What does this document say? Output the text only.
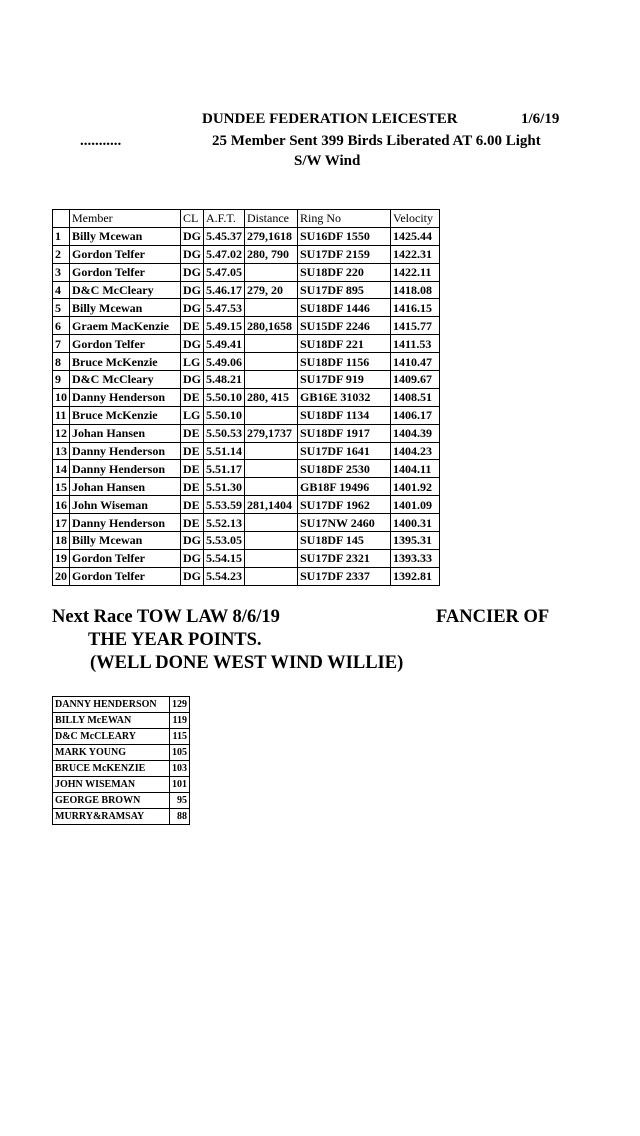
DUNDEE FEDERATION LEICESTER	1/6/19
...........	25 Member Sent 399 Birds Liberated AT 6.00 Light
S/W Wind
	Member	CL	A.F.T.	Distance	Ring No	Velocity
1	Billy Mcewan	DG	5.45.37	279,1618	SU16DF 1550	1425.44
2	Gordon Telfer	DG	5.47.02	280, 790	SU17DF 2159	1422.31
3	Gordon Telfer	DG	5.47.05		SU18DF 220	1422.11
4	D&C McCleary	DG	5.46.17	279, 20	SU17DF 895	1418.08
5	Billy Mcewan	DG	5.47.53		SU18DF 1446	1416.15
6	Graem MacKenzie	DE	5.49.15	280,1658	SU15DF 2246	1415.77
7	Gordon Telfer	DG	5.49.41		SU18DF 221	1411.53
8	Bruce McKenzie	LG	5.49.06		SU18DF 1156	1410.47
9	D&C McCleary	DG	5.48.21		SU17DF 919	1409.67
10	Danny Henderson	DE	5.50.10	280, 415	GB16E 31032	1408.51
11	Bruce McKenzie	LG	5.50.10		SU18DF 1134	1406.17
12	Johan Hansen	DE	5.50.53	279,1737	SU18DF 1917	1404.39
13	Danny Henderson	DE	5.51.14		SU17DF 1641	1404.23
14	Danny Henderson	DE	5.51.17		SU18DF 2530	1404.11
15	Johan Hansen	DE	5.51.30		GB18F 19496	1401.92
16	John Wiseman	DE	5.53.59	281,1404	SU17DF 1962	1401.09
17	Danny Henderson	DE	5.52.13		SU17NW 2460	1400.31
18	Billy Mcewan	DG	5.53.05		SU18DF 145	1395.31
19	Gordon Telfer	DG	5.54.15		SU17DF 2321	1393.33
20	Gordon Telfer	DG	5.54.23		SU17DF 2337	1392.81
Next Race TOW LAW 8/6/19	FANCIER OF
THE YEAR POINTS.
(WELL DONE WEST WIND WILLIE)
DANNY HENDERSON	129
BILLY McEWAN	119
D&C McCLEARY	115
MARK YOUNG	105
BRUCE McKENZIE	103
JOHN WISEMAN	101
GEORGE BROWN	95
MURRY&RAMSAY	88
